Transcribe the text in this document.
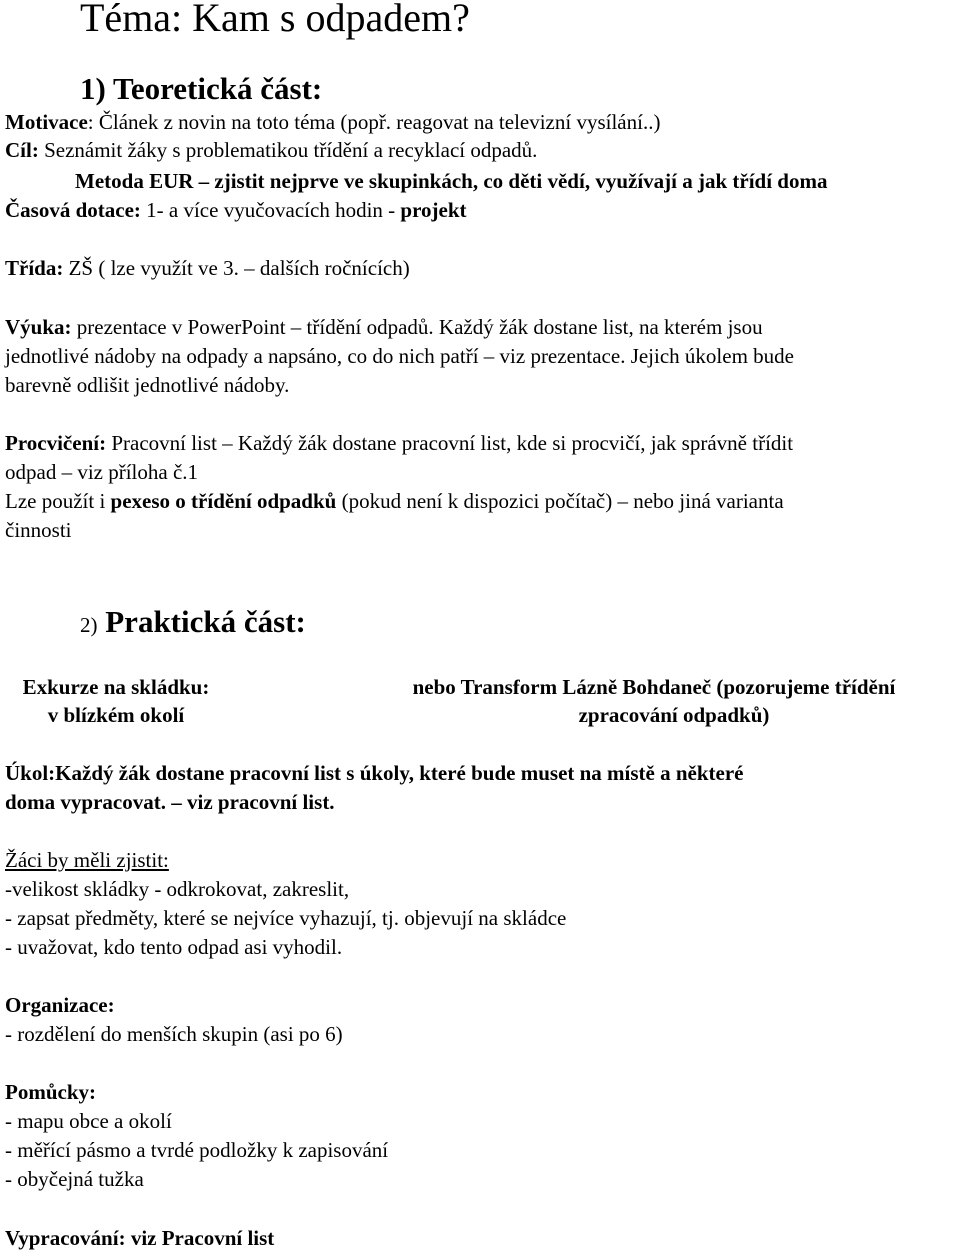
Téma: Kam s odpadem?
1) Teoretická část:
Motivace: Článek z novin na toto téma (popř. reagovat na televizní vysílání..)
Cíl: Seznámit žáky s problematikou třídění a recyklací odpadů.
Metoda EUR – zjistit nejprve ve skupinkách, co děti vědí, využívají a jak třídí doma
Časová dotace: 1- a více vyučovacích hodin - projekt
Třída: ZŠ ( lze využít ve 3. – dalších ročnících)
Výuka: prezentace v PowerPoint – třídění odpadů. Každý žák dostane list, na kterém jsou
jednotlivé nádoby na odpady a napsáno, co do nich patří – viz prezentace. Jejich úkolem bude
barevně odlišit jednotlivé nádoby.
Procvičení: Pracovní list – Každý žák dostane pracovní list, kde si procvičí, jak správně třídit
odpad – viz příloha č.1
Lze použít i pexeso o třídění odpadků (pokud není k dispozici počítač) – nebo jiná varianta
činnosti
2) Praktická část:
Exkurze na skládku:
v blízkém okolí
nebo Transform Lázně Bohdaneč (pozorujeme třídění
zpracování odpadků)
Úkol:Každý žák dostane pracovní list s úkoly, které bude muset na místě a některé
doma vypracovat. – viz pracovní list.
Žáci by měli zjistit:
-velikost skládky - odkrokovat, zakreslit,
- zapsat předměty, které se nejvíce vyhazují, tj. objevují na skládce
- uvažovat, kdo tento odpad asi vyhodil.
Organizace:
- rozdělení do menších skupin (asi po 6)
Pomůcky:
- mapu obce a okolí
- měřící pásmo a tvrdé podložky k zapisování
- obyčejná tužka
Vypracování: viz Pracovní list
